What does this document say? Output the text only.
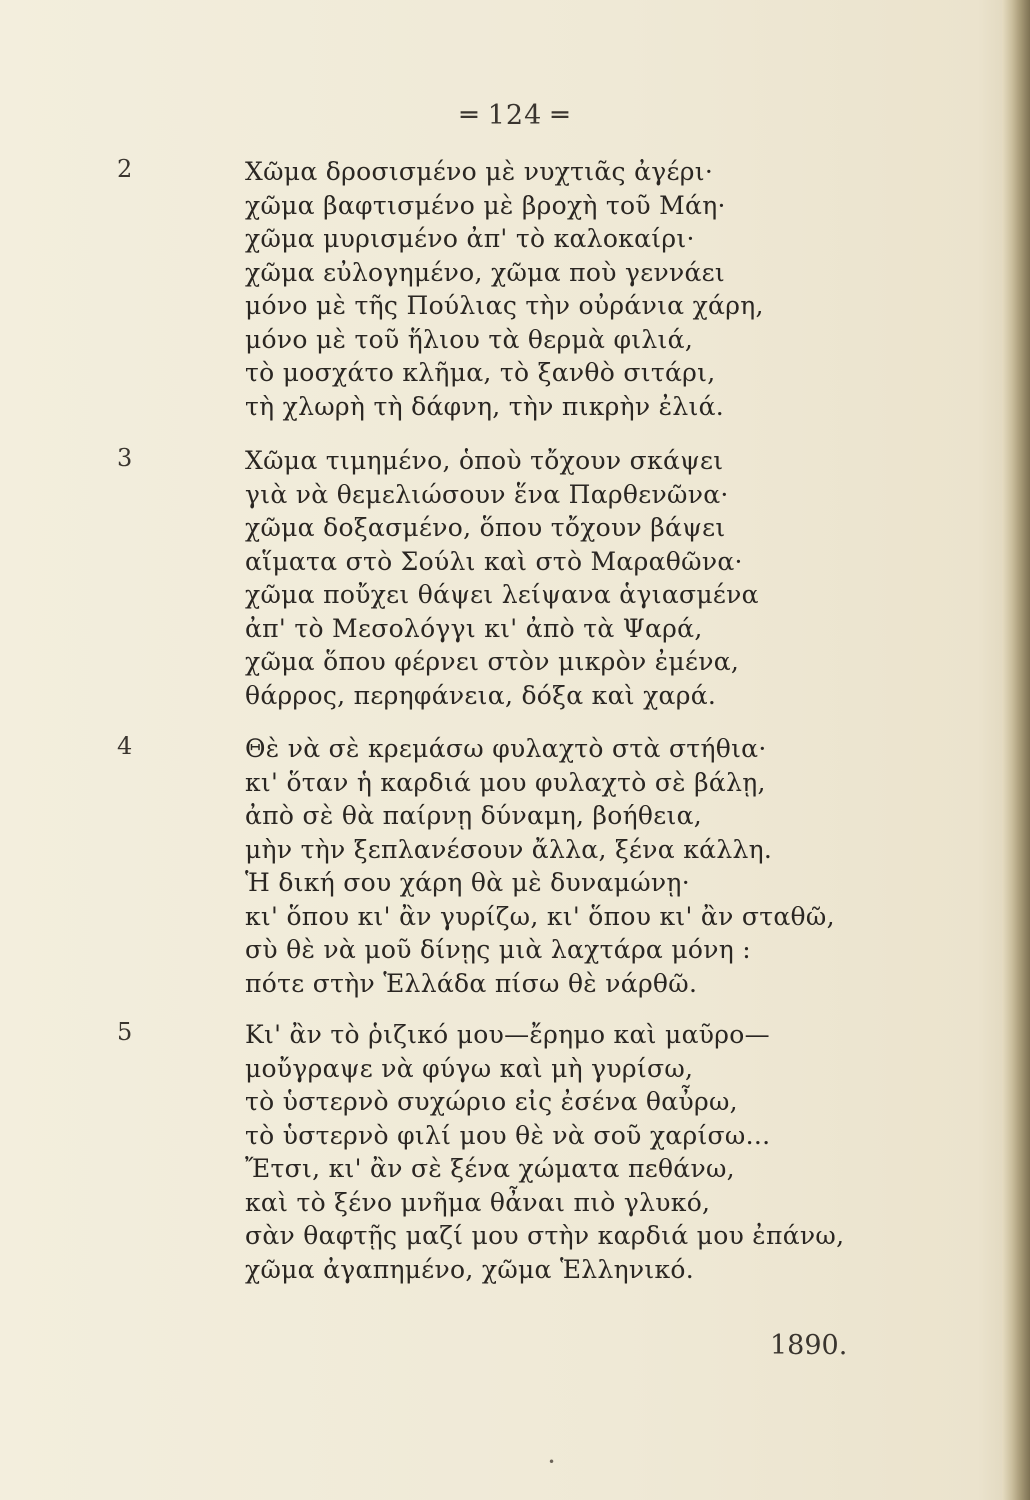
═ 124 ═
2	Χῶμα δροσισμένο μὲ νυχτιᾶς ἀγέρι·
χῶμα βαφτισμένο μὲ βροχὴ τοῦ Μάη·
χῶμα μυρισμένο ἀπ' τὸ καλοκαίρι·
χῶμα εὐλογημένο, χῶμα ποὺ γεννάει
μόνο μὲ τῆς Πούλιας τὴν οὐράνια χάρη,
μόνο μὲ τοῦ ἥλιου τὰ θερμὰ φιλιά,
τὸ μοσχάτο κλῆμα, τὸ ξανθὸ σιτάρι,
τὴ χλωρὴ τὴ δάφνη, τὴν πικρὴν ἐλιά.
3	Χῶμα τιμημένο, ὁποὺ τὄχουν σκάψει
γιὰ νὰ θεμελιώσουν ἕνα Παρθενῶνα·
χῶμα δοξασμένο, ὅπου τὄχουν βάψει
αἵματα στὸ Σούλι καὶ στὸ Μαραθῶνα·
χῶμα ποὔχει θάψει λείψανα ἁγιασμένα
ἀπ' τὸ Μεσολόγγι κι' ἀπὸ τὰ Ψαρά,
χῶμα ὅπου φέρνει στὸν μικρὸν ἐμένα,
θάρρος, περηφάνεια, δόξα καὶ χαρά.
4	Θὲ νὰ σὲ κρεμάσω φυλαχτὸ στὰ στήθια·
κι' ὅταν ἡ καρδιά μου φυλαχτὸ σὲ βάλῃ,
ἀπὸ σὲ θὰ παίρνῃ δύναμη, βοήθεια,
μὴν τὴν ξεπλανέσουν ἄλλα, ξένα κάλλη.
Ἡ δική σου χάρη θὰ μὲ δυναμώνῃ·
κι' ὅπου κι' ἂν γυρίζω, κι' ὅπου κι' ἂν σταθῶ,
σὺ θὲ νὰ μοῦ δίνῃς μιὰ λαχτάρα μόνη :
πότε στὴν Ἑλλάδα πίσω θὲ νάρθῶ.
5	Κι' ἂν τὸ ῥιζικό μου—ἔρημο καὶ μαῦρο—
μοὔγραψε νὰ φύγω καὶ μὴ γυρίσω,
τὸ ὑστερνὸ συχώριο εἰς ἐσένα θαὖρω,
τὸ ὑστερνὸ φιλί μου θὲ νὰ σοῦ χαρίσω...
Ἔτσι, κι' ἂν σὲ ξένα χώματα πεθάνω,
καὶ τὸ ξένο μνῆμα θἆναι πιὸ γλυκό,
σὰν θαφτῇς μαζί μου στὴν καρδιά μου ἐπάνω,
χῶμα ἀγαπημένο, χῶμα Ἑλληνικό.
1890.
•
